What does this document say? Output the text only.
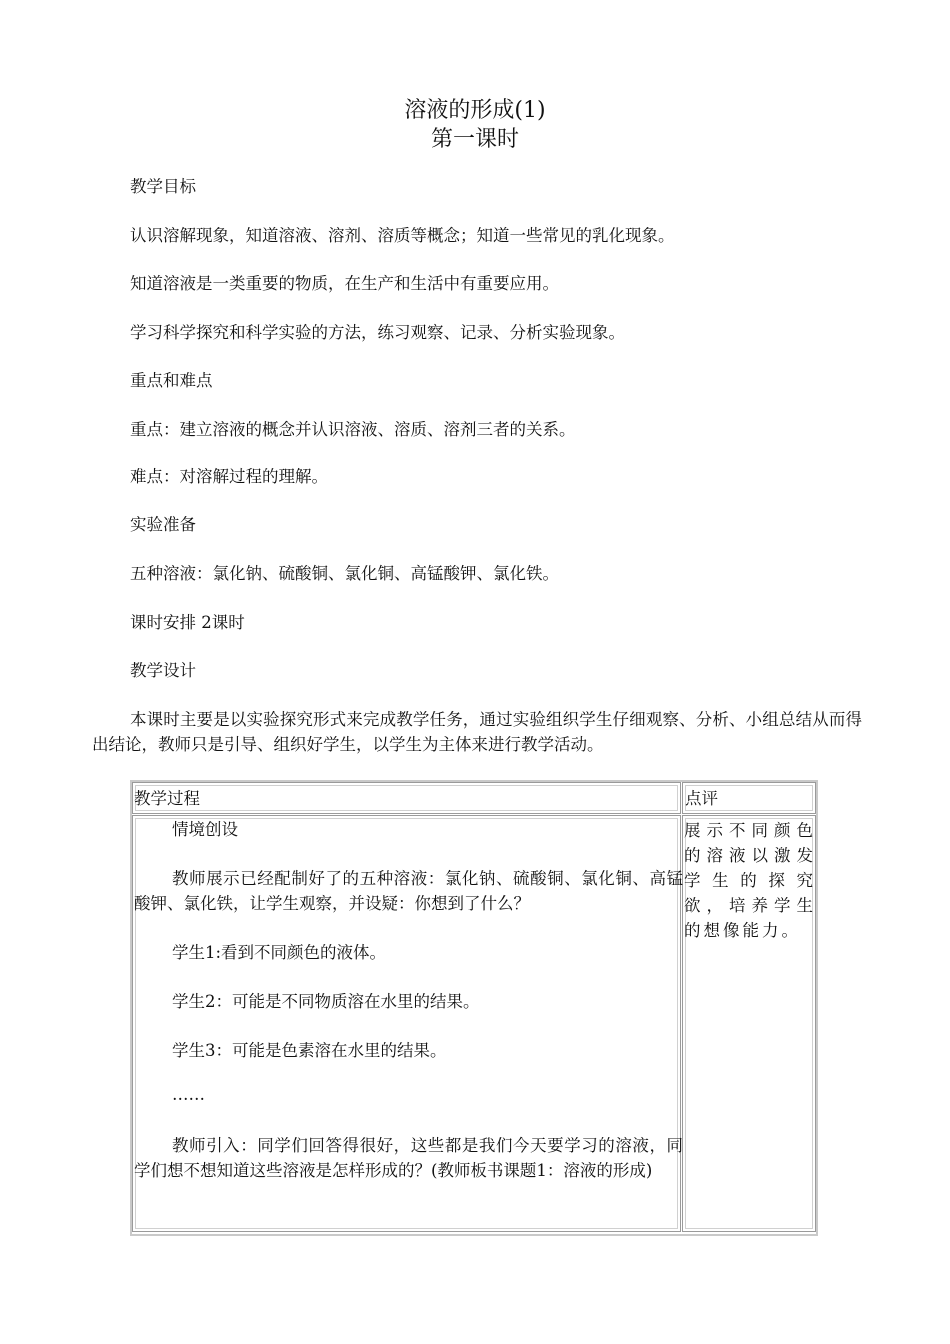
溶液的形成(1)
第一课时
教学目标
认识溶解现象，知道溶液、溶剂、溶质等概念；知道一些常见的乳化现象。
知道溶液是一类重要的物质，在生产和生活中有重要应用。
学习科学探究和科学实验的方法，练习观察、记录、分析实验现象。
重点和难点
重点：建立溶液的概念并认识溶液、溶质、溶剂三者的关系。
难点：对溶解过程的理解。
实验准备
五种溶液：氯化钠、硫酸铜、氯化铜、高锰酸钾、氯化铁。
课时安排 2课时
教学设计
本课时主要是以实验探究形式来完成教学任务，通过实验组织学生仔细观察、分析、小组总结从而得出结论，教师只是引导、组织好学生，以学生为主体来进行教学活动。
教学过程	点评
情境创设
教师展示已经配制好了的五种溶液：氯化钠、硫酸铜、氯化铜、高锰酸钾、氯化铁，让学生观察，并设疑：你想到了什么？
学生1:看到不同颜色的液体。
学生2：可能是不同物质溶在水里的结果。
学生3：可能是色素溶在水里的结果。
……
教师引入：同学们回答得很好，这些都是我们今天要学习的溶液，同学们想不想知道这些溶液是怎样形成的？(教师板书课题1：溶液的形成)
展示不同颜色的溶液以激发学生的探究欲，培养学生的想像能力。
